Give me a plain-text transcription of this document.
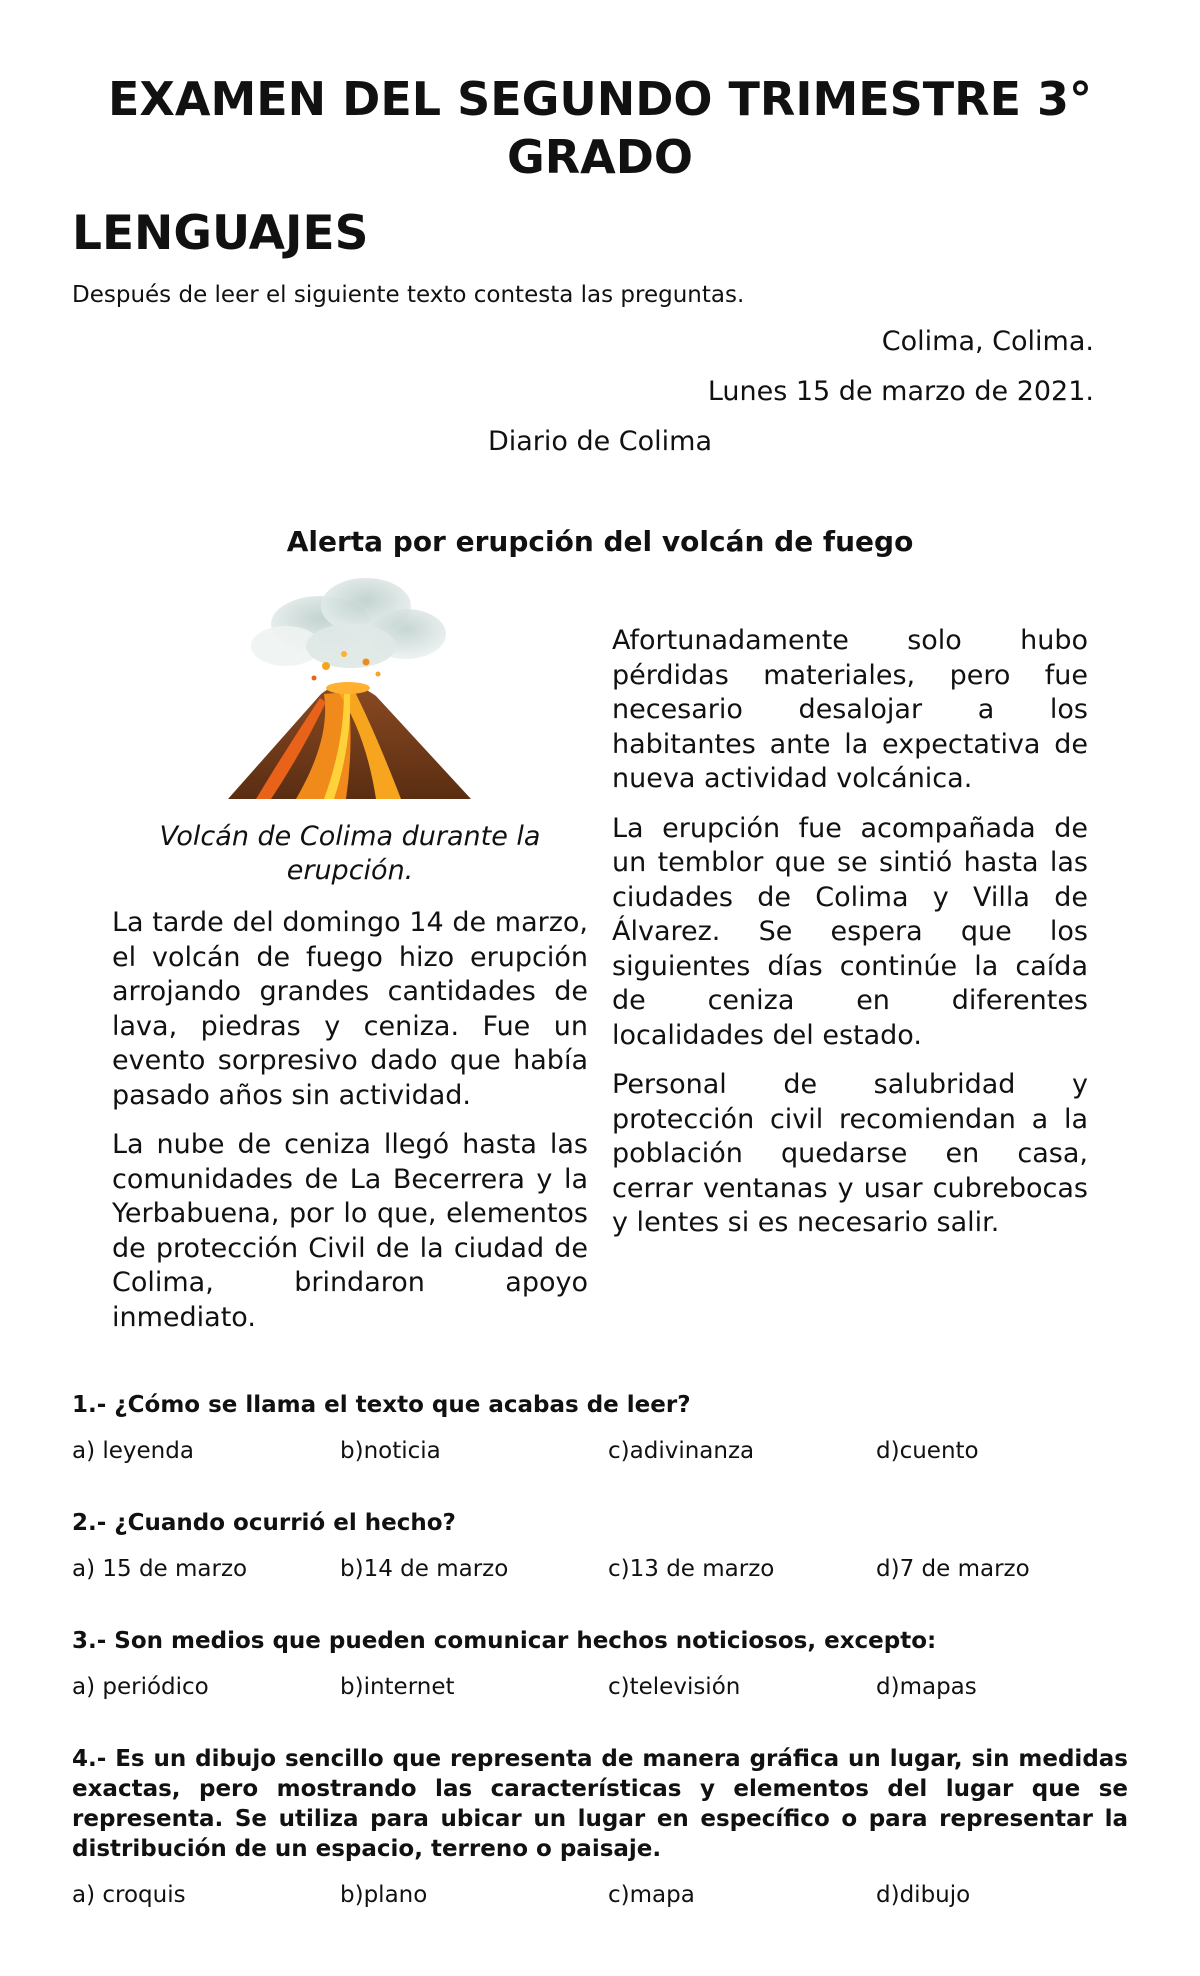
EXAMEN DEL SEGUNDO TRIMESTRE 3° GRADO
LENGUAJES

Después de leer el siguiente texto contesta las preguntas.

Colima, Colima.
Lunes 15 de marzo de 2021.
Diario de Colima
Alerta por erupción del volcán de fuego
Volcán de Colima durante la erupción.

La tarde del domingo 14 de marzo, el volcán de fuego hizo erupción arrojando grandes cantidades de lava, piedras y ceniza. Fue un evento sorpresivo dado que había pasado años sin actividad.

La nube de ceniza llegó hasta las comunidades de La Becerrera y la Yerbabuena, por lo que, elementos de protección Civil de la ciudad de Colima, brindaron apoyo inmediato.

Afortunadamente solo hubo pérdidas materiales, pero fue necesario desalojar a los habitantes ante la expectativa de nueva actividad volcánica.

La erupción fue acompañada de un temblor que se sintió hasta las ciudades de Colima y Villa de Álvarez. Se espera que los siguientes días continúe la caída de ceniza en diferentes localidades del estado.

Personal de salubridad y protección civil recomiendan a la población quedarse en casa, cerrar ventanas y usar cubrebocas y lentes si es necesario salir.

1.- ¿Cómo se llama el texto que acabas de leer?

a) leyenda	b)noticia	c)adivinanza	d)cuento

2.- ¿Cuando ocurrió el hecho?

a) 15 de marzo	b)14 de marzo	c)13 de marzo	d)7 de marzo

3.- Son medios que pueden comunicar hechos noticiosos, excepto:

a) periódico	b)internet	c)televisión	d)mapas

4.- Es un dibujo sencillo que representa de manera gráfica un lugar, sin medidas exactas, pero mostrando las características y elementos del lugar que se representa. Se utiliza para ubicar un lugar en específico o para representar la distribución de un espacio, terreno o paisaje.

a) croquis	b)plano	c)mapa	d)dibujo
